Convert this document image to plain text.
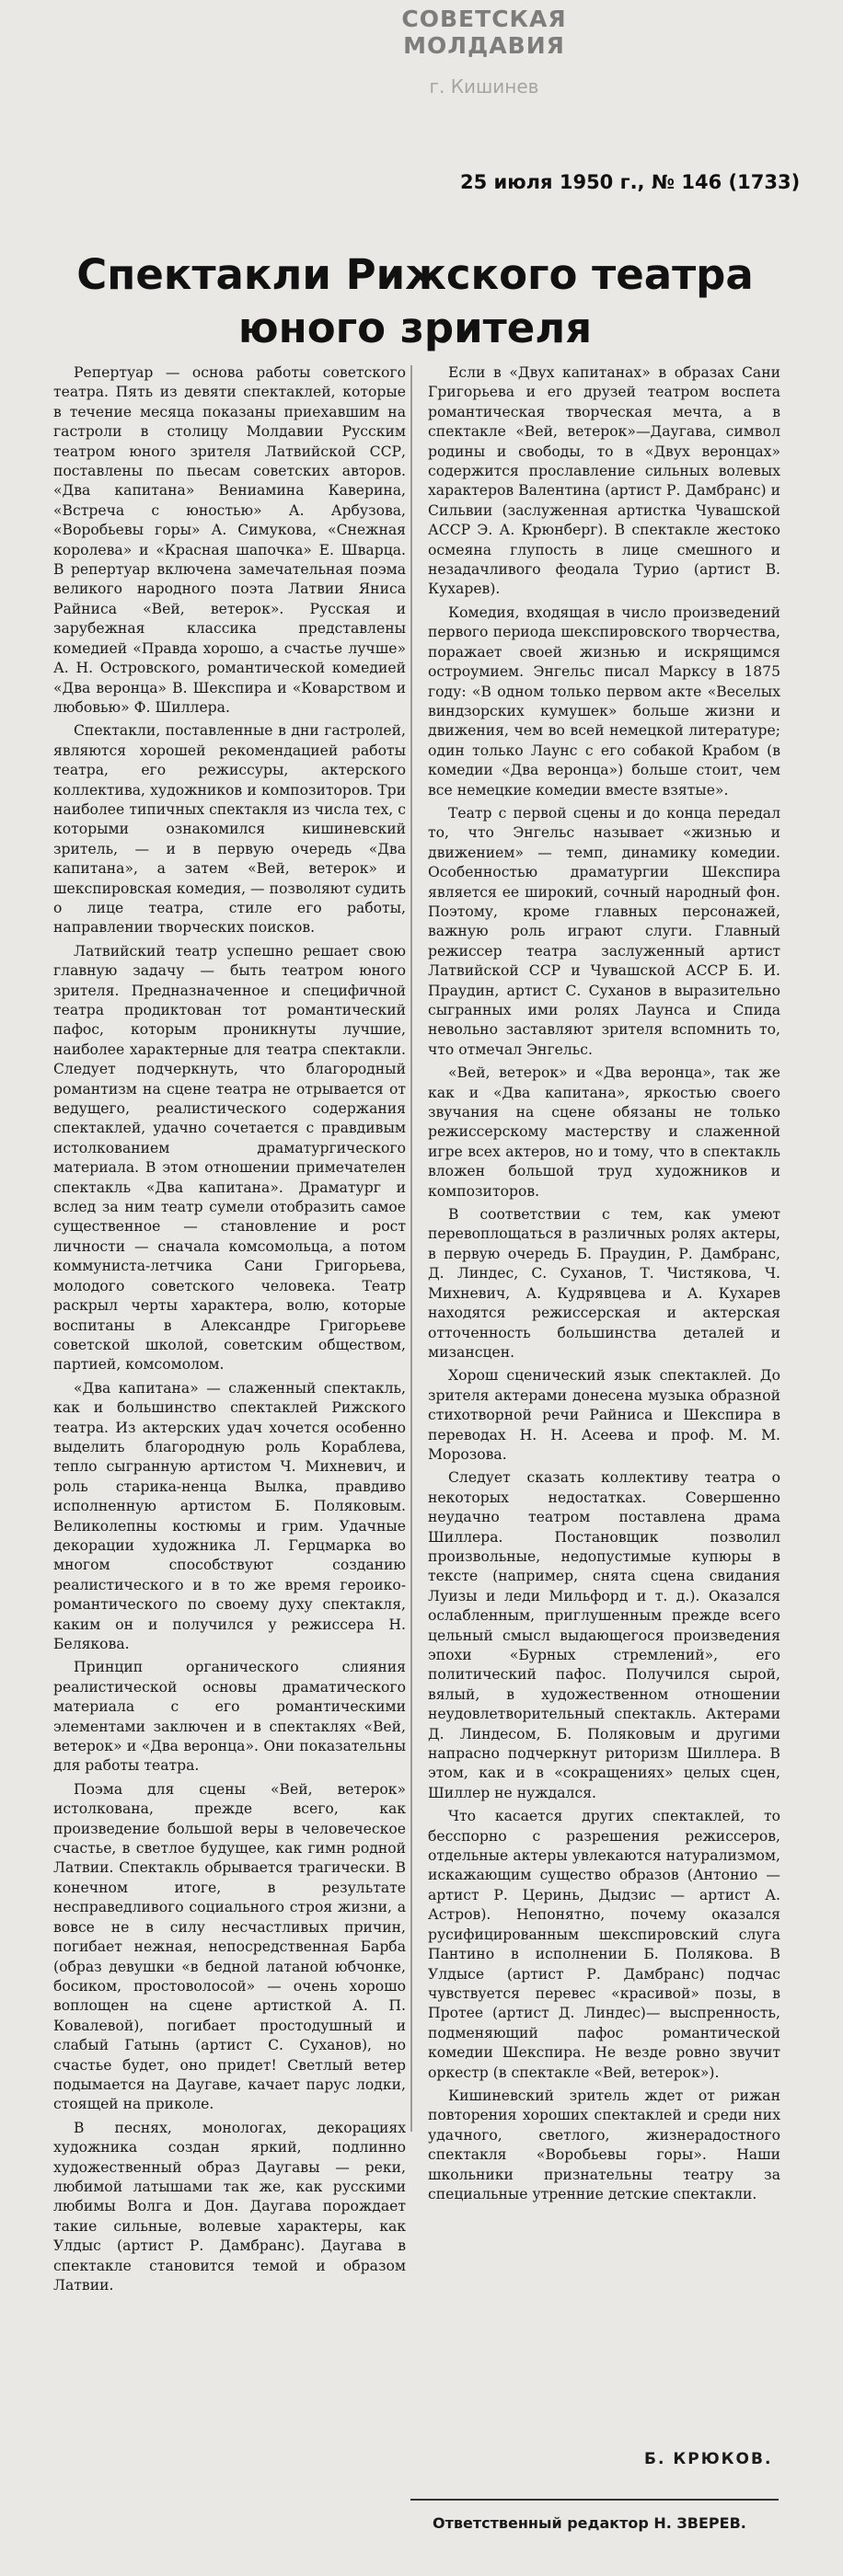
СОВЕТСКАЯ МОЛДАВИЯ
г. Кишинев
25 июля 1950 г., № 146 (1733)
Спектакли Рижского театра
юного зрителя

Репертуар — основа работы советского театра. Пять из девяти спектаклей, которые в течение месяца показаны приехавшим на гастроли в столицу Молдавии Русским театром юного зрителя Латвийской ССР, поставлены по пьесам советских авторов. «Два капитана» Вениамина Каверина, «Встреча с юностью» А. Арбузова, «Воробьевы горы» А. Симукова, «Снежная королева» и «Красная шапочка» Е. Шварца. В репертуар включена замечательная поэма великого народного поэта Латвии Яниса Райниса «Вей, ветерок». Русская и зарубежная классика представлены комедией «Правда хорошо, а счастье лучше» А. Н. Островского, романтической комедией «Два веронца» В. Шекспира и «Коварством и любовью» Ф. Шиллера.

Спектакли, поставленные в дни гастролей, являются хорошей рекомендацией работы театра, его режиссуры, актерского коллектива, художников и композиторов. Три наиболее типичных спектакля из числа тех, с которыми ознакомился кишиневский зритель, — и в первую очередь «Два капитана», а затем «Вей, ветерок» и шекспировская комедия, — позволяют судить о лице театра, стиле его работы, направлении творческих поисков.

Латвийский театр успешно решает свою главную задачу — быть театром юного зрителя. Предназначенное и специфичной театра продиктован тот романтический пафос, которым проникнуты лучшие, наиболее характерные для театра спектакли. Следует подчеркнуть, что благородный романтизм на сцене театра не отрывается от ведущего, реалистического содержания спектаклей, удачно сочетается с правдивым истолкованием драматургического материала. В этом отношении примечателен спектакль «Два капитана». Драматург и вслед за ним театр сумели отобразить самое существенное — становление и рост личности — сначала комсомольца, а потом коммуниста-летчика Сани Григорьева, молодого советского человека. Театр раскрыл черты характера, волю, которые воспитаны в Александре Григорьеве советской школой, советским обществом, партией, комсомолом.

«Два капитана» — слаженный спектакль, как и большинство спектаклей Рижского театра. Из актерских удач хочется особенно выделить благородную роль Кораблева, тепло сыгранную артистом Ч. Михневич, и роль старика-ненца Вылка, правдиво исполненную артистом Б. Поляковым. Великолепны костюмы и грим. Удачные декорации художника Л. Герцмарка во многом способствуют созданию реалистического и в то же время героико-романтического по своему духу спектакля, каким он и получился у режиссера Н. Беляковa.

Принцип органического слияния реалистической основы драматического материала с его романтическими элементами заключен и в спектаклях «Вей, ветерок» и «Два веронца». Они показательны для работы театра.

Поэма для сцены «Вей, ветерок» истолкована, прежде всего, как произведение большой веры в человеческое счастье, в светлое будущее, как гимн родной Латвии. Спектакль обрывается трагически. В конечном итоге, в результате несправедливого социального строя жизни, а вовсе не в силу несчастливых причин, погибает нежная, непосредственная Барба (образ девушки «в бедной латаной юбчонке, босиком, простоволосой» — очень хорошо воплощен на сцене артисткой А. П. Ковалевой), погибает простодушный и слабый Гатынь (артист С. Суханов), но счастье будет, оно придет! Светлый ветер подымается на Даугаве, качает парус лодки, стоящей на приколе.

В песнях, монологах, декорациях художника создан яркий, подлинно художественный образ Даугавы — реки, любимой латышами так же, как русскими любимы Волга и Дон. Даугава порождает такие сильные, волевые характеры, как Улдыс (артист Р. Дамбранс). Даугава в спектакле становится темой и образом Латвии.

Если в «Двух капитанах» в образах Сани Григорьева и его друзей театром воспета романтическая творческая мечта, а в спектакле «Вей, ветерок»—Даугава, символ родины и свободы, то в «Двух веронцах» содержится прославление сильных волевых характеров Валентина (артист Р. Дамбранс) и Сильвии (заслуженная артистка Чувашской АССР Э. А. Крюнберг). В спектакле жестоко осмеяна глупость в лице смешного и незадачливого феодала Турио (артист В. Кухарев).

Комедия, входящая в число произведений первого периода шекспировского творчества, поражает своей жизнью и искрящимся остроумием. Энгельс писал Марксу в 1875 году: «В одном только первом акте «Веселых виндзорских кумушек» больше жизни и движения, чем во всей немецкой литературе; один только Лаунс с его собакой Крабом (в комедии «Два веронца») больше стоит, чем все немецкие комедии вместе взятые».

Театр с первой сцены и до конца передал то, что Энгельс называет «жизнью и движением» — темп, динамику комедии. Особенностью драматургии Шекспира является ее широкий, сочный народный фон. Поэтому, кроме главных персонажей, важную роль играют слуги. Главный режиссер театра заслуженный артист Латвийской ССР и Чувашской АССР Б. И. Праудин, артист С. Суханов в выразительно сыгранных ими ролях Лаунса и Спида невольно заставляют зрителя вспомнить то, что отмечал Энгельс.

«Вей, ветерок» и «Два веронца», так же как и «Два капитана», яркостью своего звучания на сцене обязаны не только режиссерскому мастерству и слаженной игре всех актеров, но и тому, что в спектакль вложен большой труд художников и композиторов.

В соответствии с тем, как умеют перевоплощаться в различных ролях актеры, в первую очередь Б. Праудин, Р. Дамбранс, Д. Линдес, С. Суханов, Т. Чистякова, Ч. Михневич, А. Кудрявцева и А. Кухарев находятся режиссерская и актерская отточенность большинства деталей и мизансцен.

Хорош сценический язык спектаклей. До зрителя актерами донесена музыка образной стихотворной речи Райниса и Шекспира в переводах Н. Н. Асеева и проф. М. М. Морозова.

Следует сказать коллективу театра о некоторых недостатках. Совершенно неудачно театром поставлена драма Шиллера. Постановщик позволил произвольные, недопустимые купюры в тексте (например, снята сцена свидания Луизы и леди Мильфорд и т. д.). Оказался ослабленным, приглушенным прежде всего цельный смысл выдающегося произведения эпохи «Бурных стремлений», его политический пафос. Получился сырой, вялый, в художественном отношении неудовлетворительный спектакль. Актерами Д. Линдесом, Б. Поляковым и другими напрасно подчеркнут риторизм Шиллера. В этом, как и в «сокращениях» целых сцен, Шиллер не нуждался.

Что касается других спектаклей, то бесспорно с разрешения режиссеров, отдельные актеры увлекаются натурализмом, искажающим существо образов (Антонио — артист Р. Церинь, Дыдзис — артист А. Астров). Непонятно, почему оказался русифицированным шекспировский слуга Пантино в исполнении Б. Полякова. В Улдысе (артист Р. Дамбранс) подчас чувствуется перевес «красивой» позы, в Протее (артист Д. Линдес)— выспренность, подменяющий пафос романтической комедии Шекспира. Не везде ровно звучит оркестр (в спектакле «Вей, ветерок»).

Кишиневский зритель ждет от рижан повторения хороших спектаклей и среди них удачного, светлого, жизнерадостного спектакля «Воробьевы горы». Наши школьники признательны театру за специальные утренние детские спектакли.

Б. КРЮКОВ.
Ответственный редактор Н. ЗВЕРЕВ.
